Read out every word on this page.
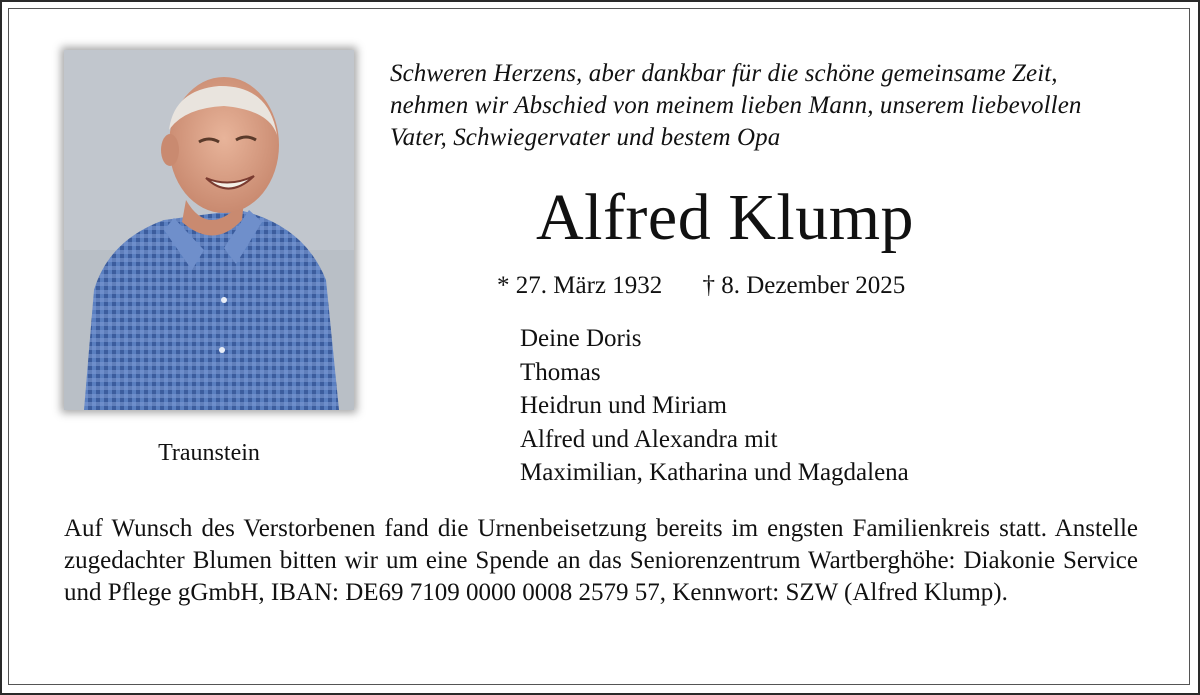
Traunstein
Schweren Herzens, aber dankbar für die schöne gemeinsame Zeit,
nehmen wir Abschied von meinem lieben Mann, unserem liebevollen
Vater, Schwiegervater und bestem Opa
Alfred Klump
* 27. März 1932 † 8. Dezember 2025
Deine Doris
Thomas
Heidrun und Miriam
Alfred und Alexandra mit
Maximilian, Katharina und Magdalena
Auf Wunsch des Verstorbenen fand die Urnenbeisetzung bereits im engsten Familienkreis statt. Anstelle zugedachter Blumen bitten wir um eine Spende an das Seniorenzentrum Wartberghöhe: Diakonie Service und Pflege gGmbH, IBAN: DE69 7109 0000 0008 2579 57, Kennwort: SZW (Alfred Klump).
